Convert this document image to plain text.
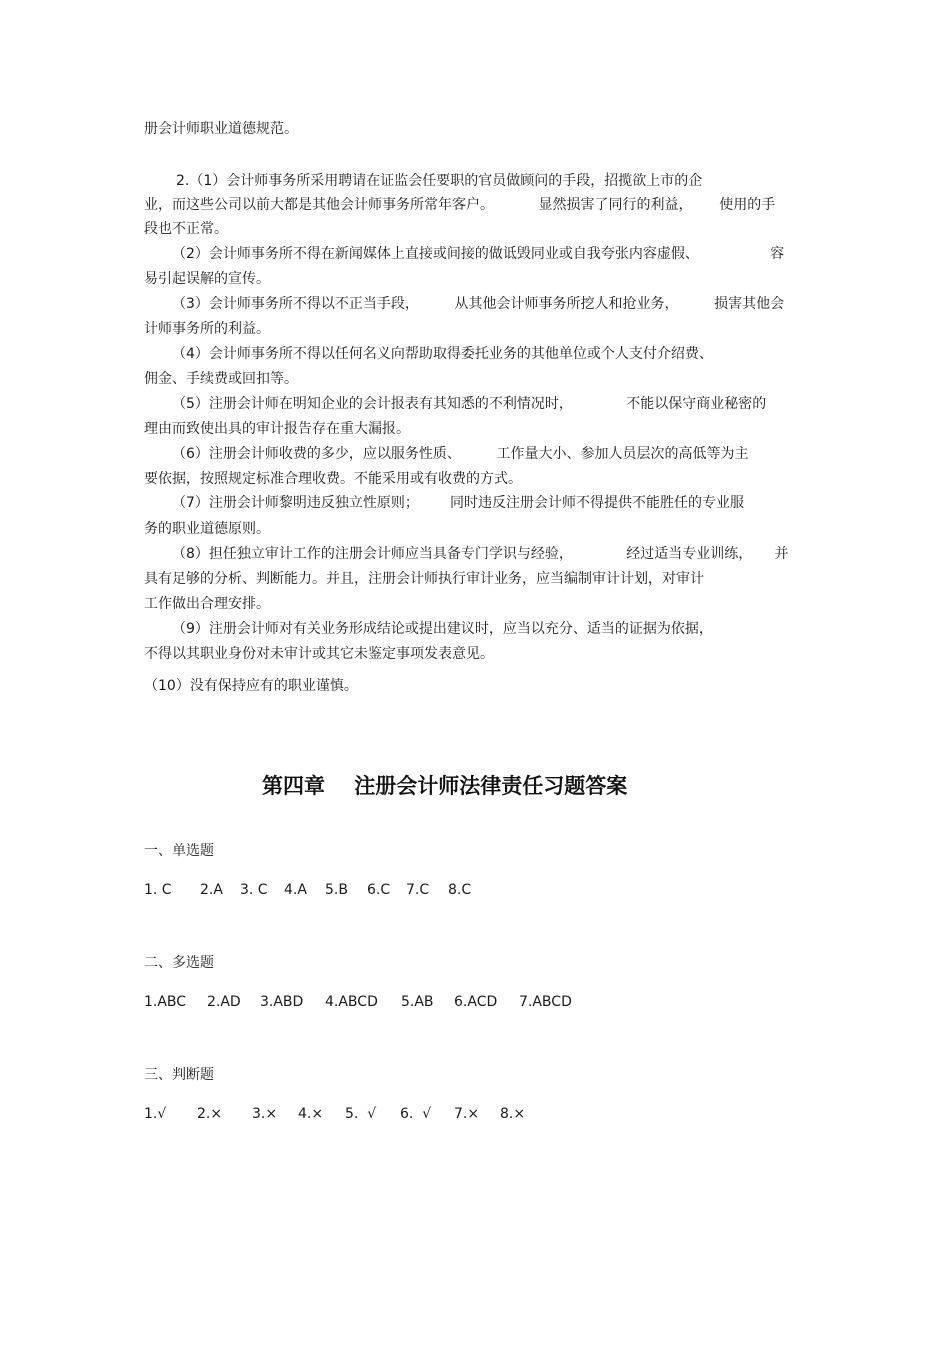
册会计师职业道德规范。

2.（1）会计师事务所采用聘请在证监会任要职的官员做顾问的手段，招揽欲上市的企

业，而这些公司以前大都是其他会计师事务所常年客户。          显然损害了同行的利益，      使用的手

段也不正常。

（2）会计师事务所不得在新闻媒体上直接或间接的做诋毁同业或自我夸张内容虚假、                容

易引起误解的宣传。

（3）会计师事务所不得以不正当手段，        从其他会计师事务所挖人和抢业务，        损害其他会

计师事务所的利益。

（4）会计师事务所不得以任何名义向帮助取得委托业务的其他单位或个人支付介绍费、

佣金、手续费或回扣等。

（5）注册会计师在明知企业的会计报表有其知悉的不利情况时，            不能以保守商业秘密的

理由而致使出具的审计报告存在重大漏报。

（6）注册会计师收费的多少，应以服务性质、        工作量大小、参加人员层次的高低等为主

要依据，按照规定标准合理收费。不能采用或有收费的方式。

（7）注册会计师黎明违反独立性原则；       同时违反注册会计师不得提供不能胜任的专业服

务的职业道德原则。

（8）担任独立审计工作的注册会计师应当具备专门学识与经验，            经过适当专业训练，     并

具有足够的分析、判断能力。并且，注册会计师执行审计业务，应当编制审计计划，对审计

工作做出合理安排。

（9）注册会计师对有关业务形成结论或提出建议时，应当以充分、适当的证据为依据，

不得以其职业身份对未审计或其它未鉴定事项发表意见。

（10）没有保持应有的职业谨慎。

第四章    注册会计师法律责任习题答案

一、单选题

1. C 2.A 3. C 4.A 5.B 6.C 7.C 8.C

二、多选题

1.ABC 2.AD 3.ABD 4.ABCD 5.AB 6.ACD 7.ABCD

三、判断题

1.√ 2.× 3.× 4.× 5.  √ 6.  √ 7.× 8.×
